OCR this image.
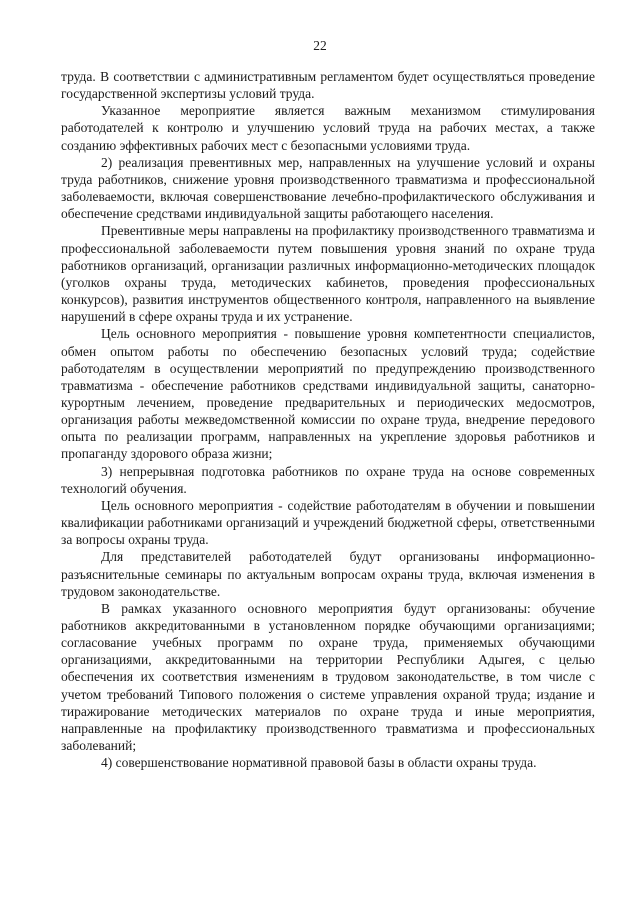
22

труда. В соответствии с административным регламентом будет осуществляться проведение государственной экспертизы условий труда.

Указанное мероприятие является важным механизмом стимулирования работодателей к контролю и улучшению условий труда на рабочих местах, а также созданию эффективных рабочих мест с безопасными условиями труда.

2) реализация превентивных мер, направленных на улучшение условий и охраны труда работников, снижение уровня производственного травматизма и профессиональной заболеваемости, включая совершенствование лечебно-профилактического обслуживания и обеспечение средствами индивидуальной защиты работающего населения.

Превентивные меры направлены на профилактику производственного травматизма и профессиональной заболеваемости путем повышения уровня знаний по охране труда работников организаций, организации различных информационно-методических площадок (уголков охраны труда, методических кабинетов, проведения профессиональных конкурсов), развития инструментов общественного контроля, направленного на выявление нарушений в сфере охраны труда и их устранение.

Цель основного мероприятия - повышение уровня компетентности специалистов, обмен опытом работы по обеспечению безопасных условий труда; содействие работодателям в осуществлении мероприятий по предупреждению производственного травматизма - обеспечение работников средствами индивидуальной защиты, санаторно-курортным лечением, проведение предварительных и периодических медосмотров, организация работы межведомственной комиссии по охране труда, внедрение передового опыта по реализации программ, направленных на укрепление здоровья работников и пропаганду здорового образа жизни;

3) непрерывная подготовка работников по охране труда на основе современных технологий обучения.

Цель основного мероприятия - содействие работодателям в обучении и повышении квалификации работниками организаций и учреждений бюджетной сферы, ответственными за вопросы охраны труда.

Для представителей работодателей будут организованы информационно-разъяснительные семинары по актуальным вопросам охраны труда, включая изменения в трудовом законодательстве.

В рамках указанного основного мероприятия будут организованы: обучение работников аккредитованными в установленном порядке обучающими организациями; согласование учебных программ по охране труда, применяемых обучающими организациями, аккредитованными на территории Республики Адыгея, с целью обеспечения их соответствия изменениям в трудовом законодательстве, в том числе с учетом требований Типового положения о системе управления охраной труда; издание и тиражирование методических материалов по охране труда и иные мероприятия, направленные на профилактику производственного травматизма и профессиональных заболеваний;

4) совершенствование нормативной правовой базы в области охраны труда.
